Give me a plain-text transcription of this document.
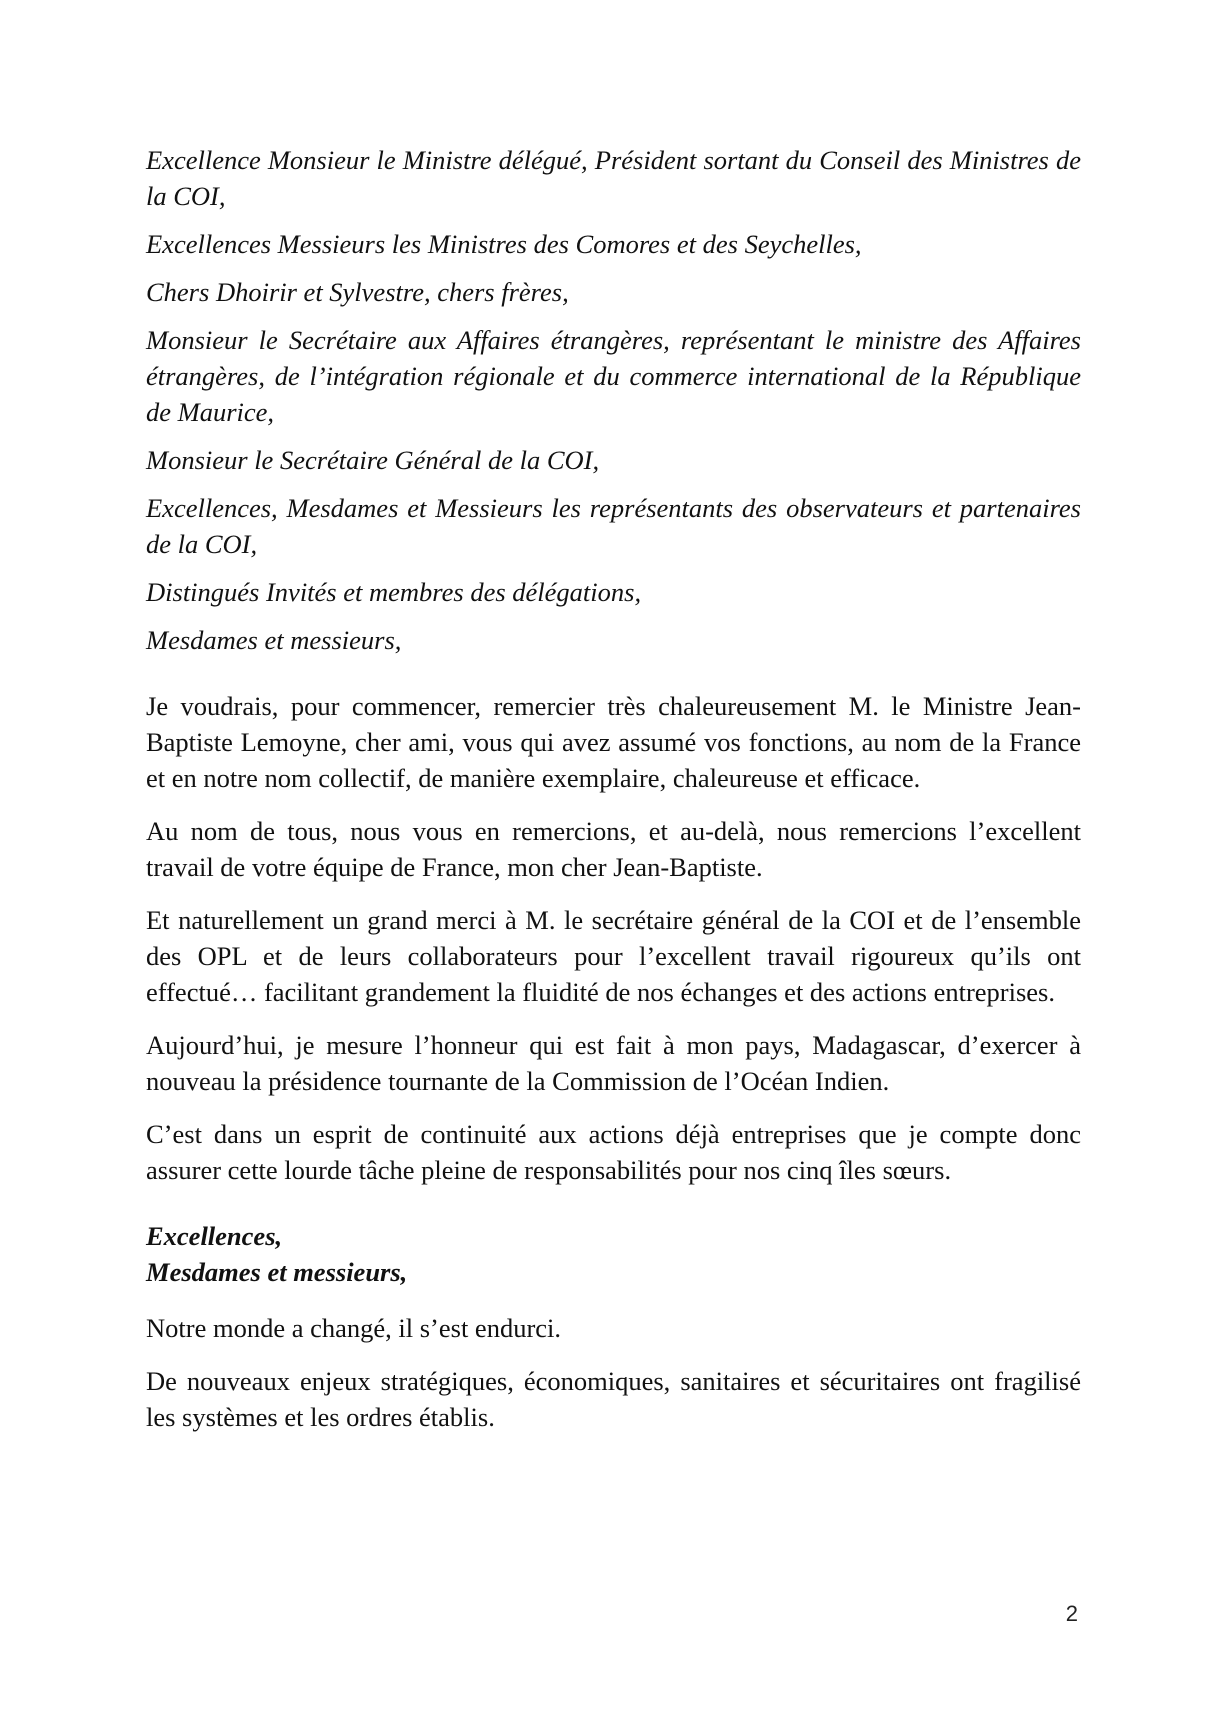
Excellence Monsieur le Ministre délégué, Président sortant du Conseil des Ministres de la COI,

Excellences Messieurs les Ministres des Comores et des Seychelles,

Chers Dhoirir et Sylvestre, chers frères,

Monsieur le Secrétaire aux Affaires étrangères, représentant le ministre des Affaires étrangères, de l’intégration régionale et du commerce international de la République de Maurice,

Monsieur le Secrétaire Général de la COI,

Excellences, Mesdames et Messieurs les représentants des observateurs et partenaires de la COI,

Distingués Invités et membres des délégations,

Mesdames et messieurs,

Je voudrais, pour commencer, remercier très chaleureusement M. le Ministre Jean-Baptiste Lemoyne, cher ami, vous qui avez assumé vos fonctions, au nom de la France et en notre nom collectif, de manière exemplaire, chaleureuse et efficace.

Au nom de tous, nous vous en remercions, et au-delà, nous remercions l’excellent travail de votre équipe de France, mon cher Jean-Baptiste.

Et naturellement un grand merci à M. le secrétaire général de la COI et de l’ensemble des OPL et de leurs collaborateurs pour l’excellent travail rigoureux qu’ils ont effectué… facilitant grandement la fluidité de nos échanges et des actions entreprises.

Aujourd’hui, je mesure l’honneur qui est fait à mon pays, Madagascar, d’exercer à nouveau la présidence tournante de la Commission de l’Océan Indien.

C’est dans un esprit de continuité aux actions déjà entreprises que je compte donc assurer cette lourde tâche pleine de responsabilités pour nos cinq îles sœurs.

Excellences,

Mesdames et messieurs,

Notre monde a changé, il s’est endurci.

De nouveaux enjeux stratégiques, économiques, sanitaires et sécuritaires ont fragilisé les systèmes et les ordres établis.

2
